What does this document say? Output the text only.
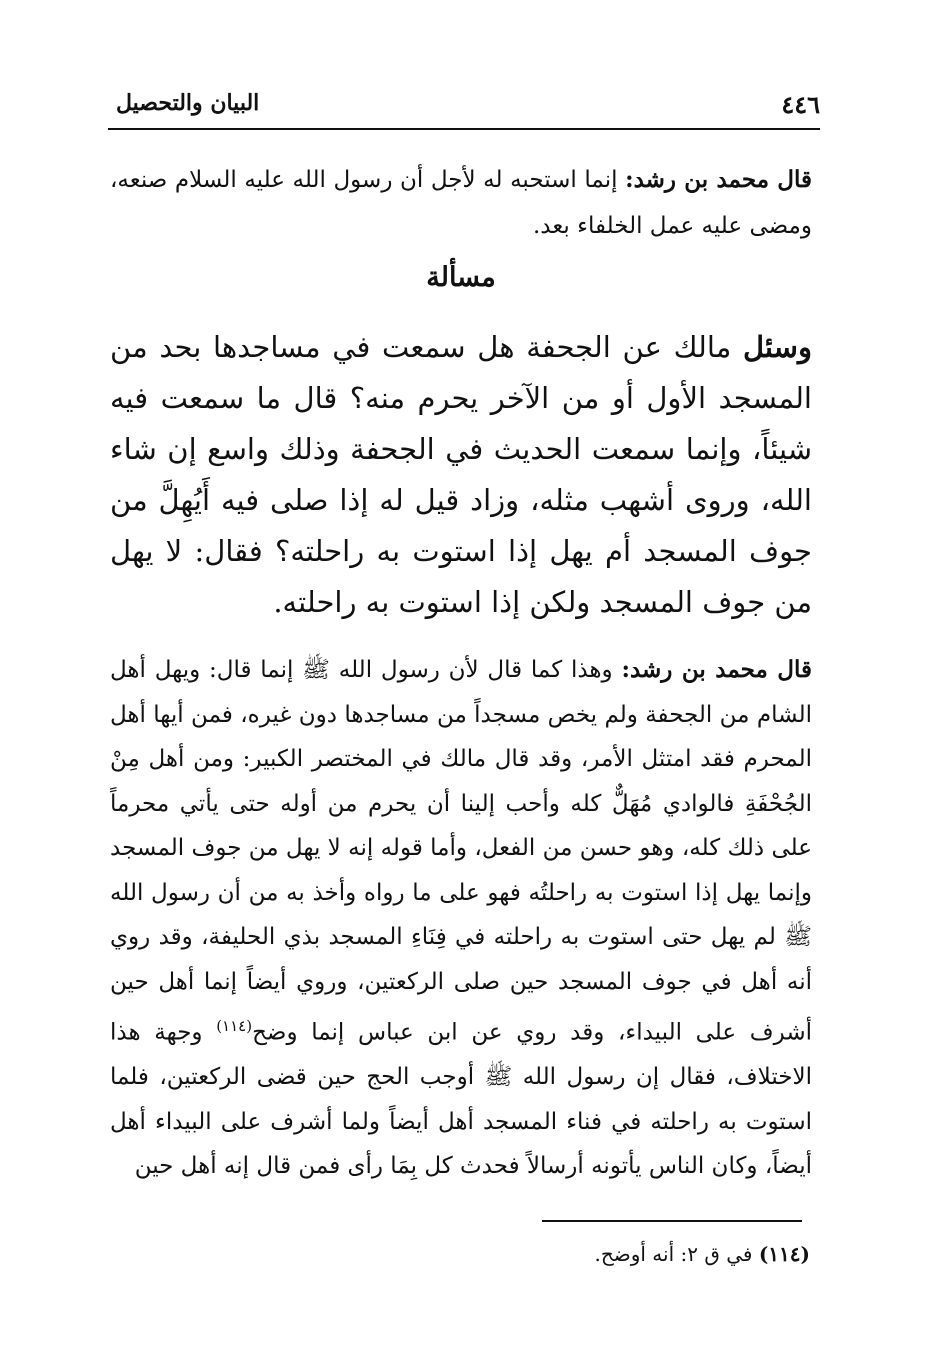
٤٤٦
البيان والتحصيل

قال محمد بن رشد: إنما استحبه له لأجل أن رسول الله عليه السلام صنعه، ومضى عليه عمل الخلفاء بعد.

مسألة

وسئل مالك عن الجحفة هل سمعت في مساجدها بحد من المسجد الأول أو من الآخر يحرم منه؟ قال ما سمعت فيه شيئاً، وإنما سمعت الحديث في الجحفة وذلك واسع إن شاء الله، وروى أشهب مثله، وزاد قيل له إذا صلى فيه أَيُهِلَّ من جوف المسجد أم يهل إذا استوت به راحلته؟ فقال: لا يهل من جوف المسجد ولكن إذا استوت به راحلته.

قال محمد بن رشد: وهذا كما قال لأن رسول الله ﷺ إنما قال: ويهل أهل الشام من الجحفة ولم يخص مسجداً من مساجدها دون غيره، فمن أيها أهل المحرم فقد امتثل الأمر، وقد قال مالك في المختصر الكبير: ومن أهل مِنْ الجُحْفَةِ فالوادي مُهَلٌّ كله وأحب إلينا أن يحرم من أوله حتى يأتي محرماً على ذلك كله، وهو حسن من الفعل، وأما قوله إنه لا يهل من جوف المسجد وإنما يهل إذا استوت به راحلتُه فهو على ما رواه وأخذ به من أن رسول الله ﷺ لم يهل حتى استوت به راحلته في فِنَاءِ المسجد بذي الحليفة، وقد روي أنه أهل في جوف المسجد حين صلى الركعتين، وروي أيضاً إنما أهل حين أشرف على البيداء، وقد روي عن ابن عباس إنما وضح$^{(١١٤)}$ وجهة هذا الاختلاف، فقال إن رسول الله ﷺ أوجب الحج حين قضى الركعتين، فلما استوت به راحلته في فناء المسجد أهل أيضاً ولما أشرف على البيداء أهل أيضاً، وكان الناس يأتونه أرسالاً فحدث كل بِمَا رأى فمن قال إنه أهل حين

(١١٤) في ق ٢: أنه أوضح.
